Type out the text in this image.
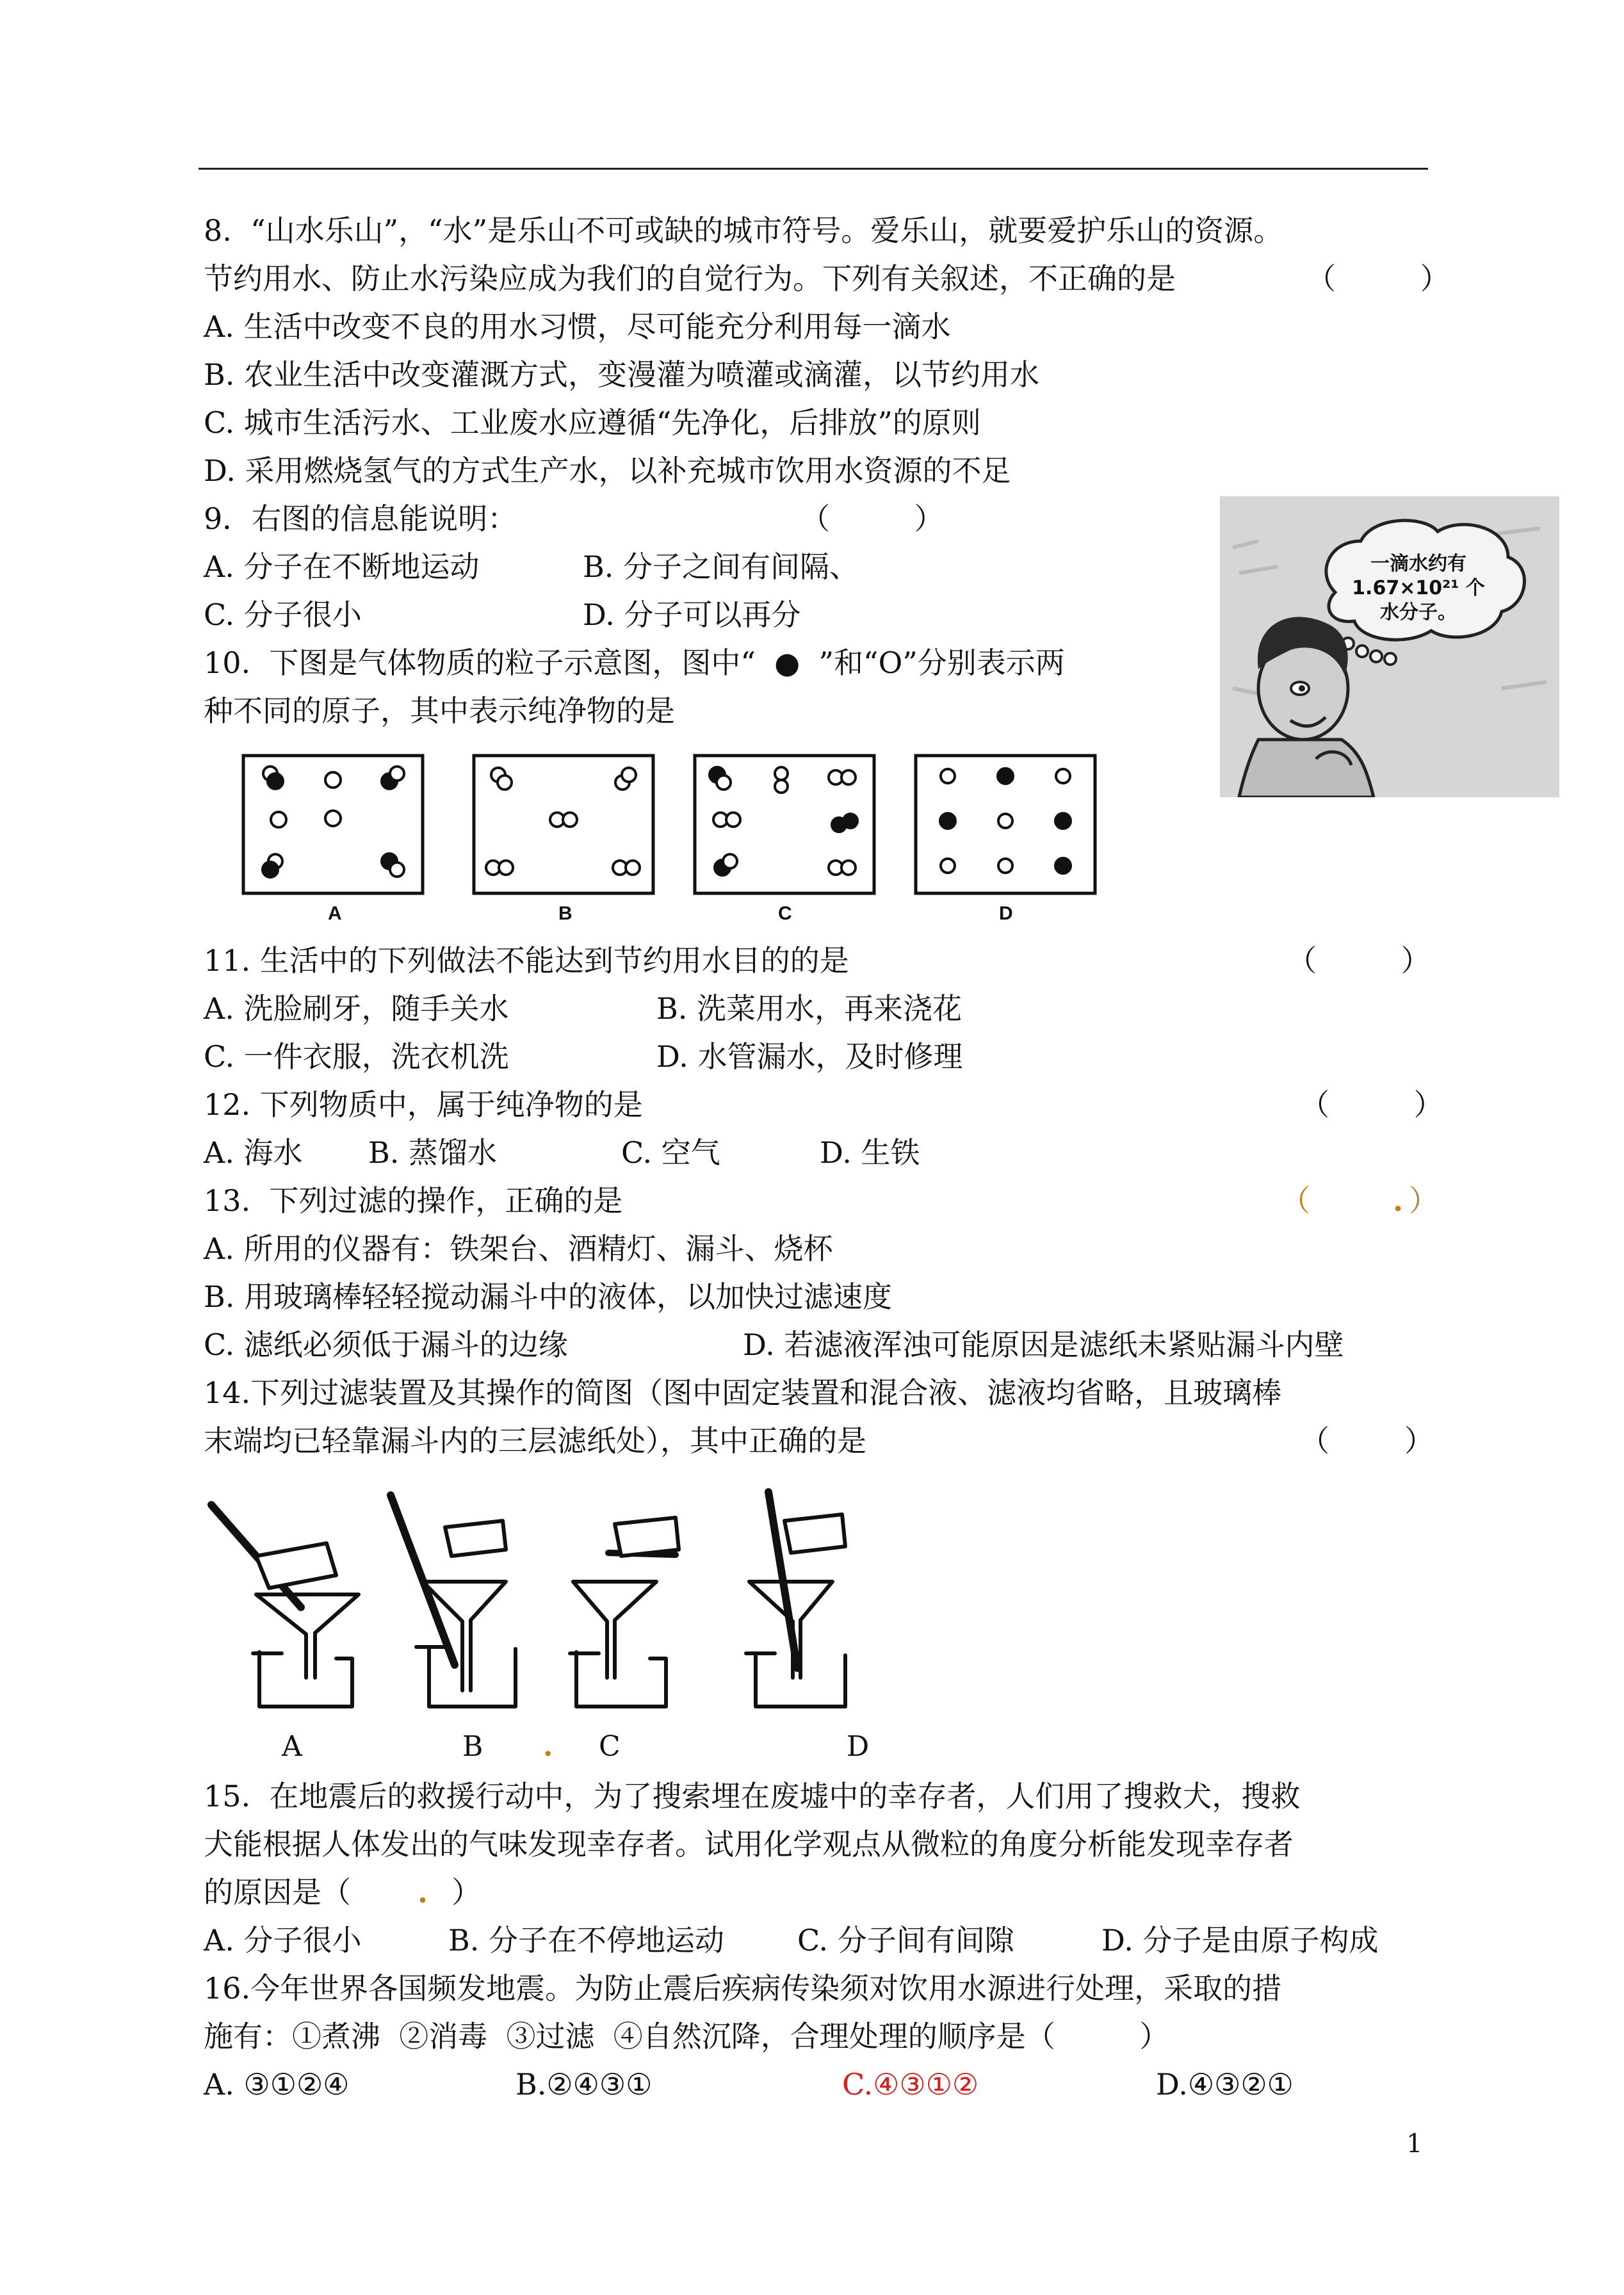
8.  “山水乐山”，“水”是乐山不可或缺的城市符号。爱乐山，就要爱护乐山的资源。
节约用水、防止水污染应成为我们的自觉行为。下列有关叙述，不正确的是	（         ）
A. 生活中改变不良的用水习惯，尽可能充分利用每一滴水
B. 农业生活中改变灌溉方式，变漫灌为喷灌或滴灌，以节约用水
C. 城市生活污水、工业废水应遵循“先净化，后排放”的原则
D. 采用燃烧氢气的方式生产水，以补充城市饮用水资源的不足
9．右图的信息能说明：	（         ）
A. 分子在不断地运动	B. 分子之间有间隔、
C. 分子很小	D. 分子可以再分
一滴水约有
1.67×10²¹ 个
水分子。
10.  下图是气体物质的粒子示意图，图中“  ●  ”和“O”分别表示两
种不同的原子，其中表示纯净物的是
A	B	C	D
11. 生活中的下列做法不能达到节约用水目的的是	（         ）
A. 洗脸刷牙，随手关水	B. 洗菜用水，再来浇花
C. 一件衣服，洗衣机洗	D. 水管漏水，及时修理
12. 下列物质中，属于纯净物的是	（         ）
A. 海水 B. 蒸馏水	C. 空气	D. 生铁
13.  下列过滤的操作，正确的是	（	. ）
A. 所用的仪器有：铁架台、酒精灯、漏斗、烧杯
B. 用玻璃棒轻轻搅动漏斗中的液体，以加快过滤速度
C. 滤纸必须低于漏斗的边缘	D. 若滤液浑浊可能原因是滤纸未紧贴漏斗内壁
14.下列过滤装置及其操作的简图（图中固定装置和混合液、滤液均省略，且玻璃棒
末端均已轻靠漏斗内的三层滤纸处），其中正确的是	（        ）
A	B . C	D
15.  在地震后的救援行动中，为了搜索埋在废墟中的幸存者，人们用了搜救犬，搜救
犬能根据人体发出的气味发现幸存者。试用化学观点从微粒的角度分析能发现幸存者
的原因是（ . ）
A. 分子很小	B. 分子在不停地运动 C. 分子间有间隙	D. 分子是由原子构成
16.今年世界各国频发地震。为防止震后疾病传染须对饮用水源进行处理，采取的措
施有：①煮沸  ②消毒  ③过滤  ④自然沉降，合理处理的顺序是（         ）
A. ③①②④	B.②④③①	C.④③①②	D.④③②①
1
